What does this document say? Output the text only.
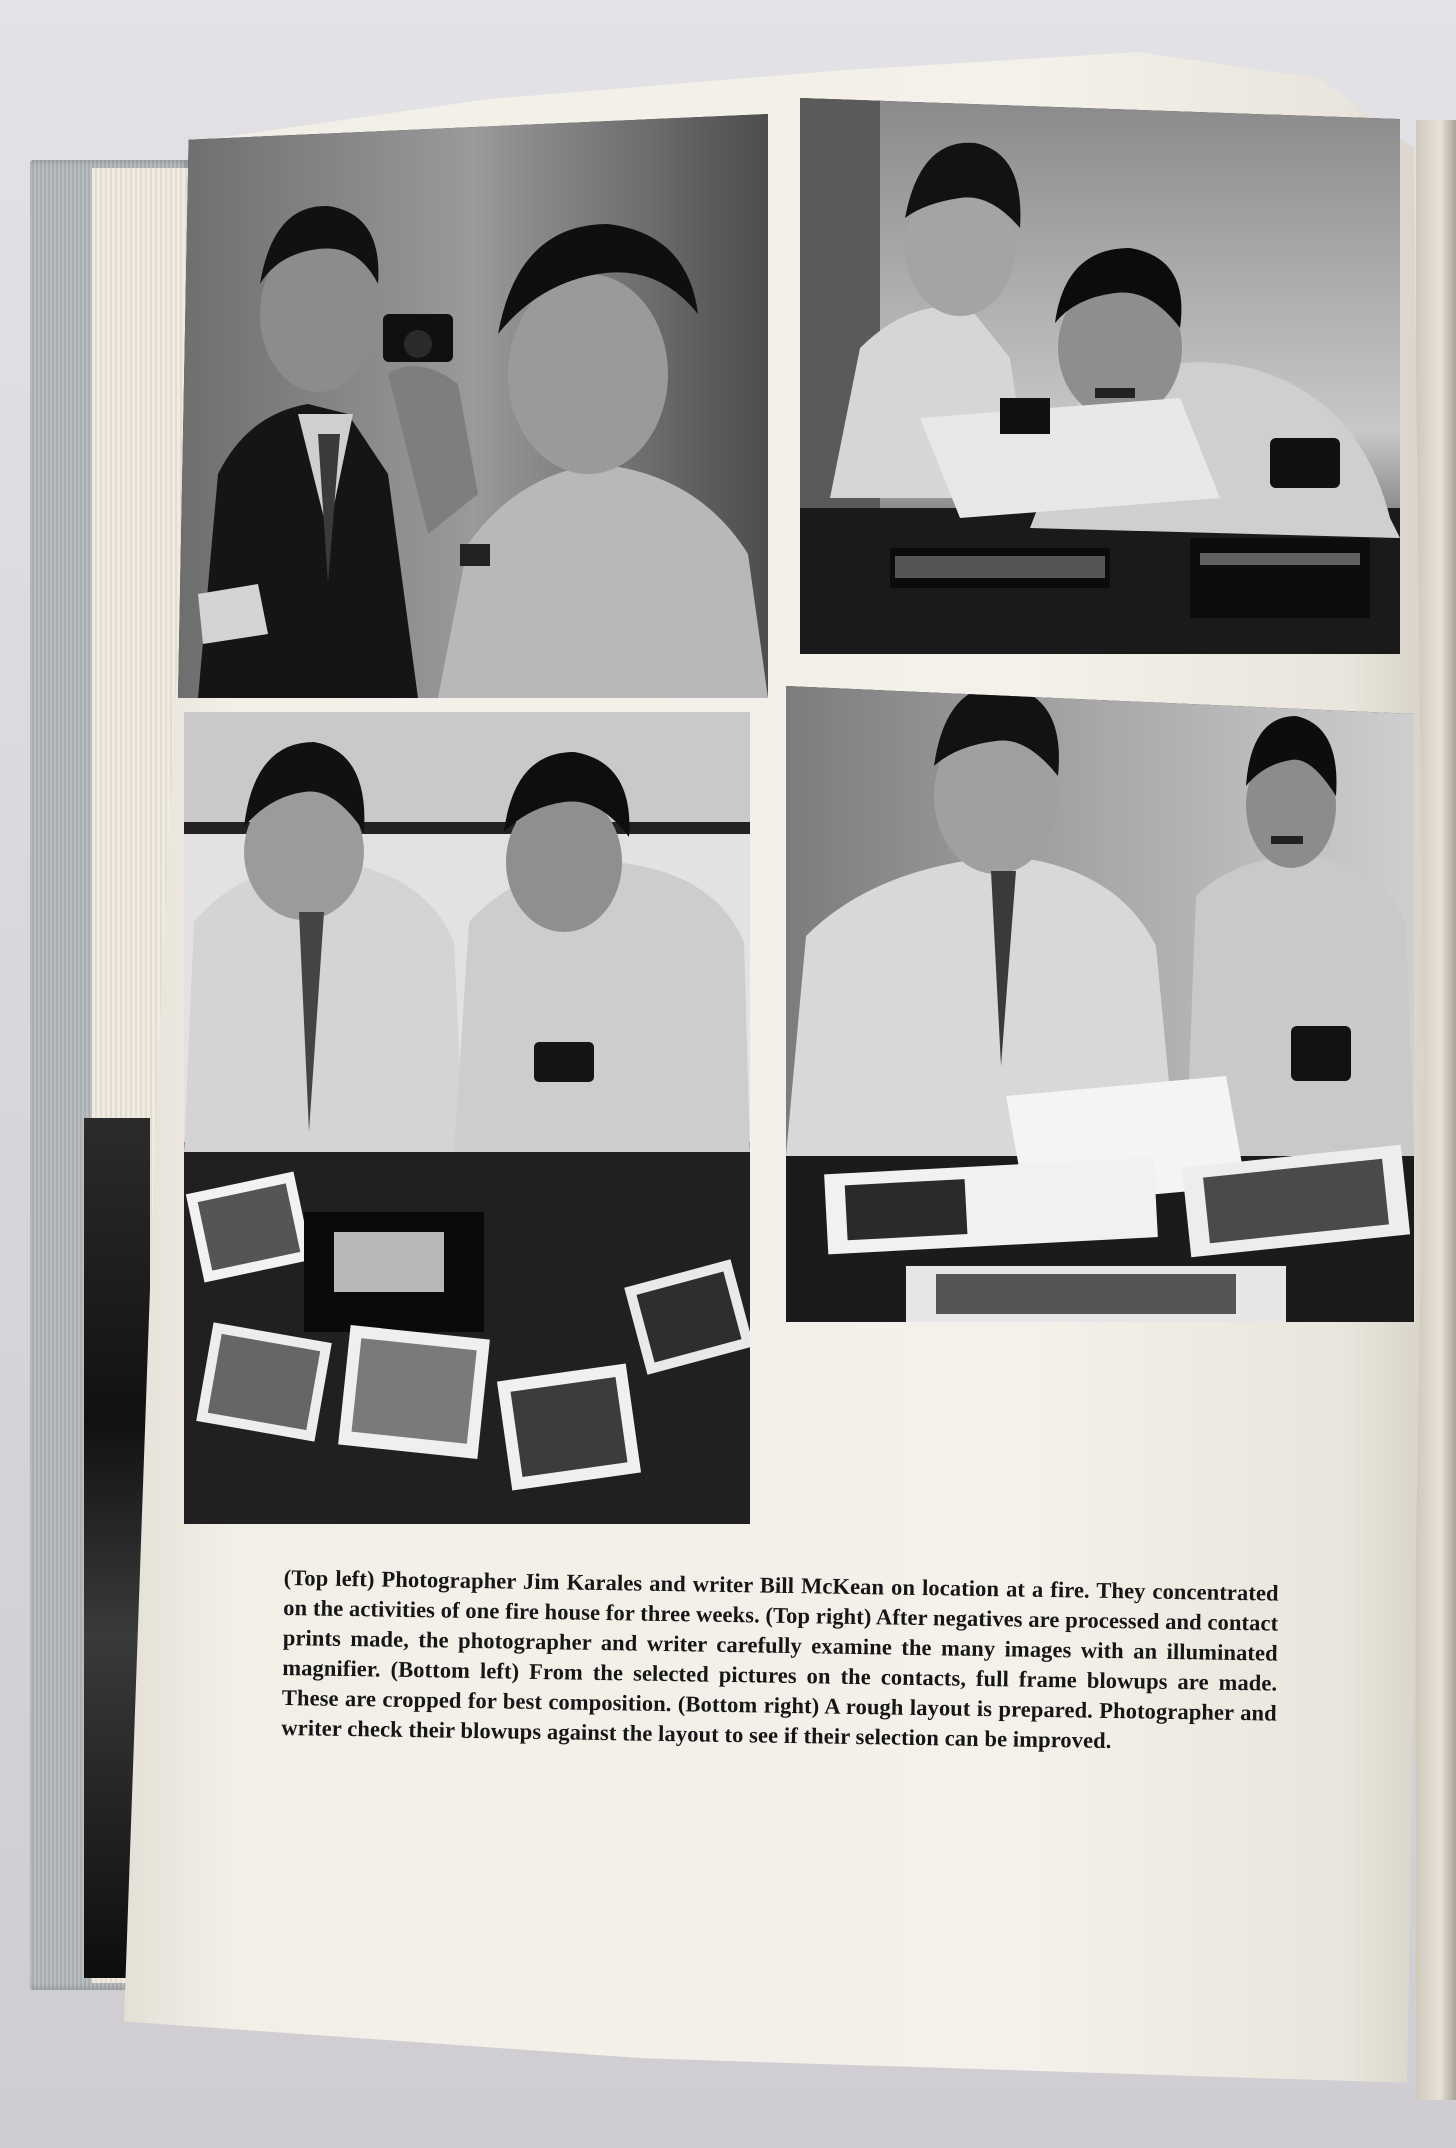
(Top left) Photographer Jim Karales and writer Bill McKean on location at a fire. They concentrated on the activities of one fire house for three weeks. (Top right) After negatives are processed and contact prints made, the photographer and writer carefully examine the many images with an illuminated magnifier. (Bottom left) From the selected pictures on the contacts, full frame blowups are made. These are cropped for best composition. (Bottom right) A rough layout is prepared. Photographer and writer check their blowups against the layout to see if their selection can be improved.
